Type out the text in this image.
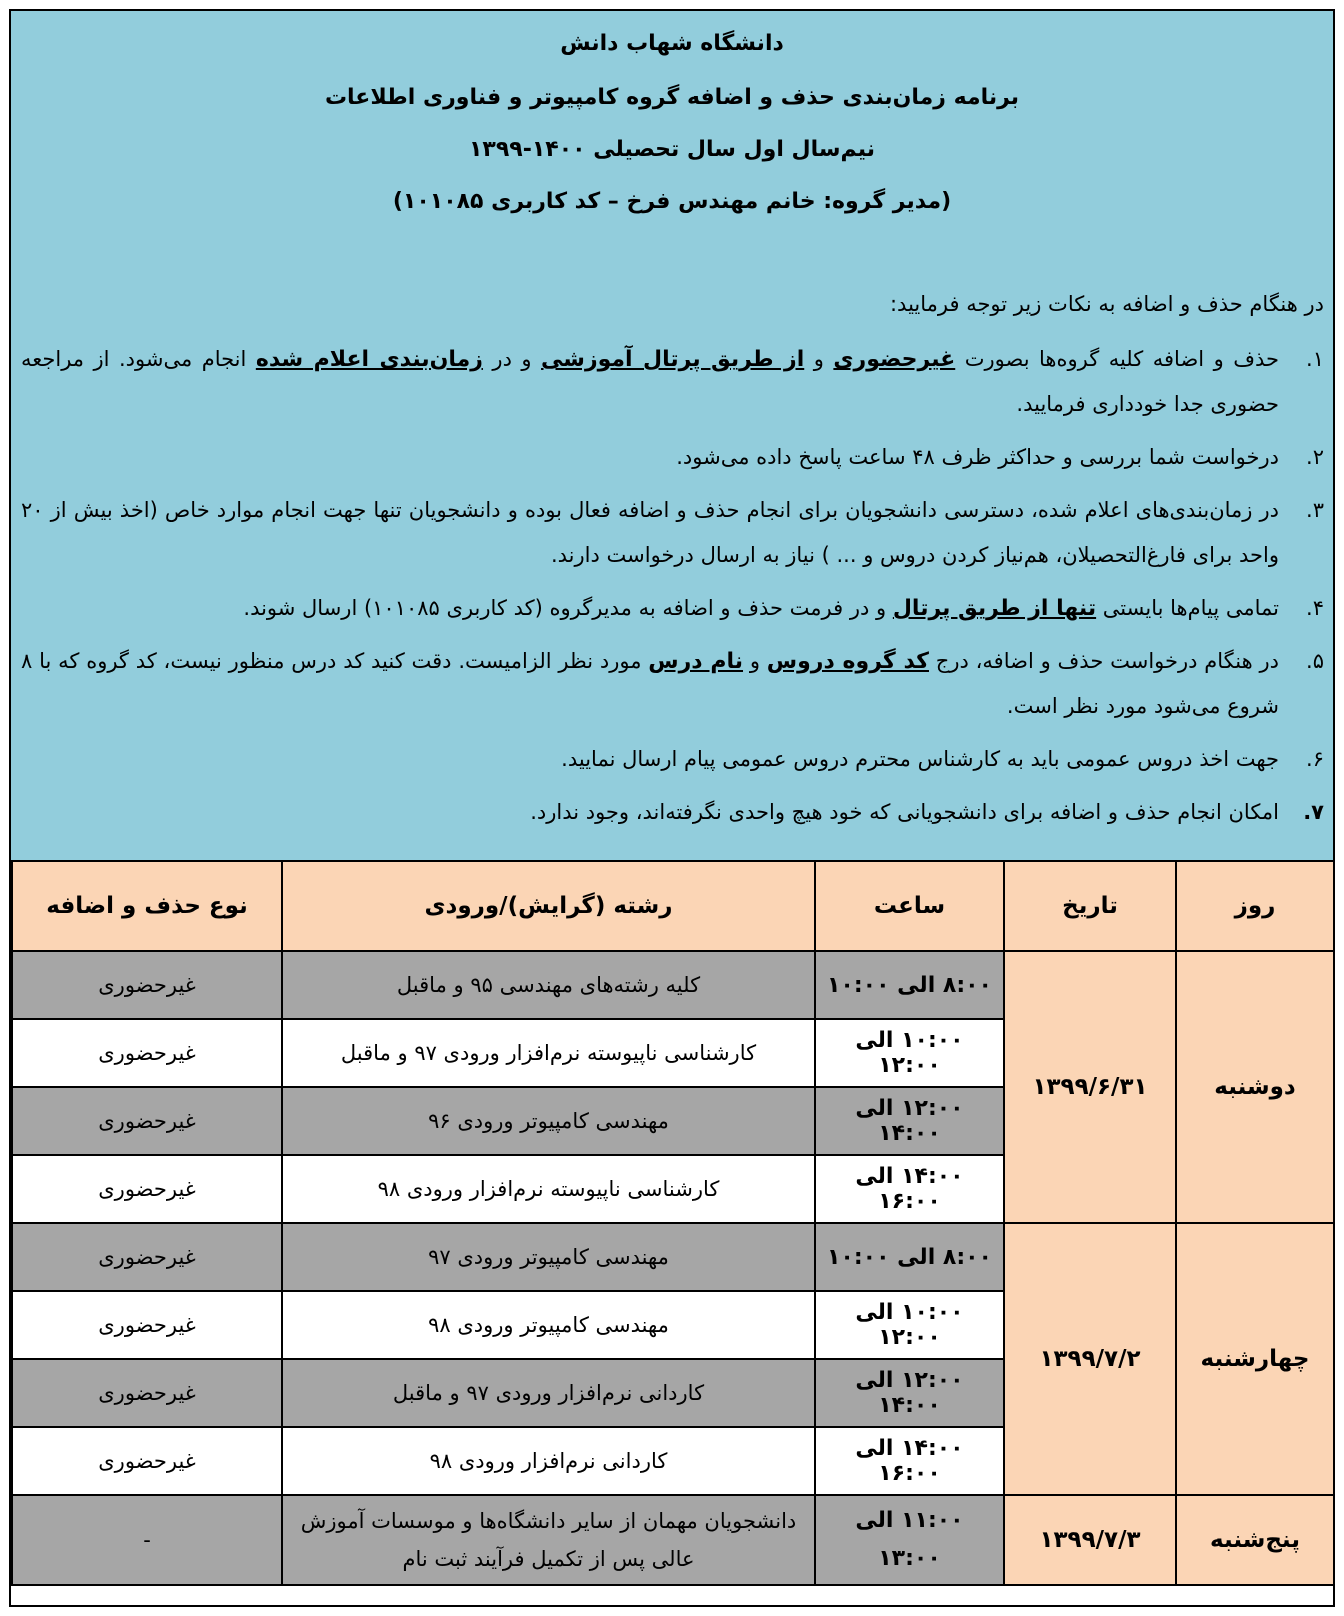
دانشگاه شهاب دانش
برنامه زمان‌بندی حذف و اضافه گروه کامپیوتر و فناوری اطلاعات
نیم‌سال اول سال تحصیلی ۱۴۰۰-۱۳۹۹
(مدیر گروه: خانم مهندس فرخ – کد کاربری ۱۰۱۰۸۵)
در هنگام حذف و اضافه به نکات زیر توجه فرمایید:
۱.
حذف و اضافه کلیه گروه‌ها بصورت غیرحضوری و از طریق پرتال آموزشی و در زمان‌بندی اعلام شده انجام می‌شود. از مراجعه حضوری جدا خودداری فرمایید.
۲.
درخواست شما بررسی و حداکثر ظرف ۴۸ ساعت پاسخ داده می‌شود.
۳.
در زمان‌بندی‌های اعلام شده، دسترسی دانشجویان برای انجام حذف و اضافه فعال بوده و دانشجویان تنها جهت انجام موارد خاص (اخذ بیش از ۲۰ واحد برای فارغ‌التحصیلان، هم‌نیاز کردن دروس و ... ) نیاز به ارسال درخواست دارند.
۴.
تمامی پیام‌ها بایستی تنها از طریق پرتال و در فرمت حذف و اضافه به مدیرگروه (کد کاربری ۱۰۱۰۸۵) ارسال شوند.
۵.
در هنگام درخواست حذف و اضافه، درج کد گروه دروس و نام درس مورد نظر الزامیست. دقت کنید کد درس منظور نیست، کد گروه که با ۸ شروع می‌شود مورد نظر است.
۶.
جهت اخذ دروس عمومی باید به کارشناس محترم دروس عمومی پیام ارسال نمایید.
۷.
امکان انجام حذف و اضافه برای دانشجویانی که خود هیچ واحدی نگرفته‌اند، وجود ندارد.
روز	تاریخ	ساعت	رشته (گرایش)/ورودی	نوع حذف و اضافه
دوشنبه	۱۳۹۹/۶/۳۱	۸:۰۰ الی ۱۰:۰۰	کلیه رشته‌های مهندسی ۹۵ و ماقبل	غیرحضوری
		۱۰:۰۰ الی ۱۲:۰۰	کارشناسی ناپیوسته نرم‌افزار ورودی ۹۷ و ماقبل	غیرحضوری
		۱۲:۰۰ الی ۱۴:۰۰	مهندسی کامپیوتر ورودی ۹۶	غیرحضوری
		۱۴:۰۰ الی ۱۶:۰۰	کارشناسی ناپیوسته نرم‌افزار ورودی ۹۸	غیرحضوری
چهارشنبه	۱۳۹۹/۷/۲	۸:۰۰ الی ۱۰:۰۰	مهندسی کامپیوتر ورودی ۹۷	غیرحضوری
		۱۰:۰۰ الی ۱۲:۰۰	مهندسی کامپیوتر ورودی ۹۸	غیرحضوری
		۱۲:۰۰ الی ۱۴:۰۰	کاردانی نرم‌افزار ورودی ۹۷ و ماقبل	غیرحضوری
		۱۴:۰۰ الی ۱۶:۰۰	کاردانی نرم‌افزار ورودی ۹۸	غیرحضوری
پنج‌شنبه	۱۳۹۹/۷/۳	۱۱:۰۰ الی ۱۳:۰۰	دانشجویان مهمان از سایر دانشگاه‌ها و موسسات آموزش عالی پس از تکمیل فرآیند ثبت نام	-
